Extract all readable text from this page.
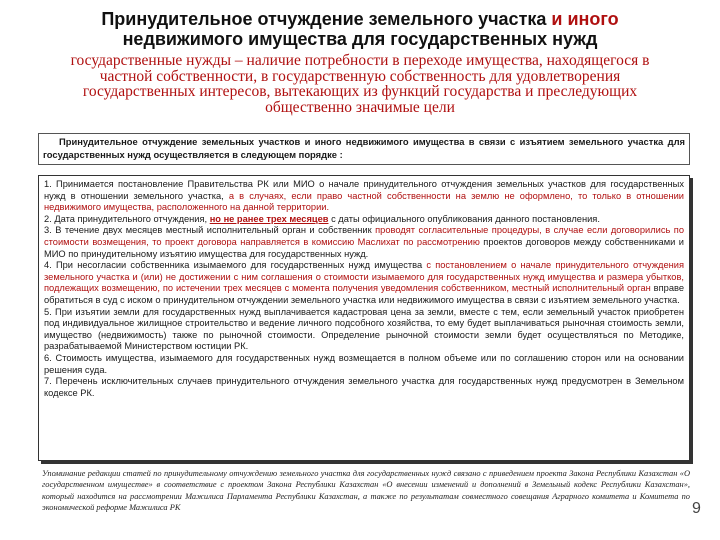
Принудительное отчуждение земельного участка и иного
недвижимого имущества для государственных нужд
государственные нужды – наличие потребности в переходе имущества, находящегося в частной собственности, в государственную собственность для удовлетворения государственных интересов, вытекающих из функций государства и преследующих общественно значимые цели
Принудительное отчуждение земельных участков и иного недвижимого имущества в связи с изъятием земельного участка для государственных нужд осуществляется в следующем порядке :
1. Принимается постановление Правительства РК или МИО о начале принудительного отчуждения земельных участков для государственных нужд в отношении земельного участка, а в случаях, если право частной собственности на землю не оформлено, то только в отношении недвижимого имущества, расположенного на данной территории.
2. Дата принудительного отчуждения, но не ранее трех месяцев с даты официального опубликования данного постановления.
3. В течение двух месяцев местный исполнительный орган и собственник проводят согласительные процедуры, в случае если договорились по стоимости возмещения, то проект договора направляется в комиссию Маслихат по рассмотрению проектов договоров между собственниками и МИО по принудительному изъятию имущества для государственных нужд.
4. При несогласии собственника изымаемого для государственных нужд имущества с постановлением о начале принудительного отчуждения земельного участка и (или) не достижении с ним соглашения о стоимости изымаемого для государственных нужд имущества и размера убытков, подлежащих возмещению, по истечении трех месяцев с момента получения уведомления собственником, местный исполнительный орган вправе обратиться в суд с иском о принудительном отчуждении земельного участка или недвижимого имущества в связи с изъятием земельного участка.
5. При изъятии земли для государственных нужд выплачивается кадастровая цена за земли, вместе с тем, если земельный участок приобретен под индивидуальное жилищное строительство и ведение личного подсобного хозяйства, то ему будет выплачиваться рыночная стоимость земли, имущество (недвижимость) также по рыночной стоимости. Определение рыночной стоимости земли будет осуществляться по Методике, разрабатываемой Министерством юстиции РК.
6. Стоимость имущества, изымаемого для государственных нужд возмещается в полном объеме или по соглашению сторон или на основании решения суда.
7. Перечень исключительных случаев принудительного отчуждения земельного участка для государственных нужд предусмотрен в Земельном кодексе РК.
Упоминание редакции статей по принудительному отчуждению земельного участка для государственных нужд связано с приведением проекта Закона Республики Казахстан «О государственном имуществе» в соответствие с проектом Закона Республики Казахстан «О внесении изменений и дополнений в Земельный кодекс Республики Казахстан», который находится на рассмотрении Мажилиса Парламента Республики Казахстан, а также по результатам совместного совещания Аграрного комитета и Комитета по экономической реформе Мажилиса РК	9
